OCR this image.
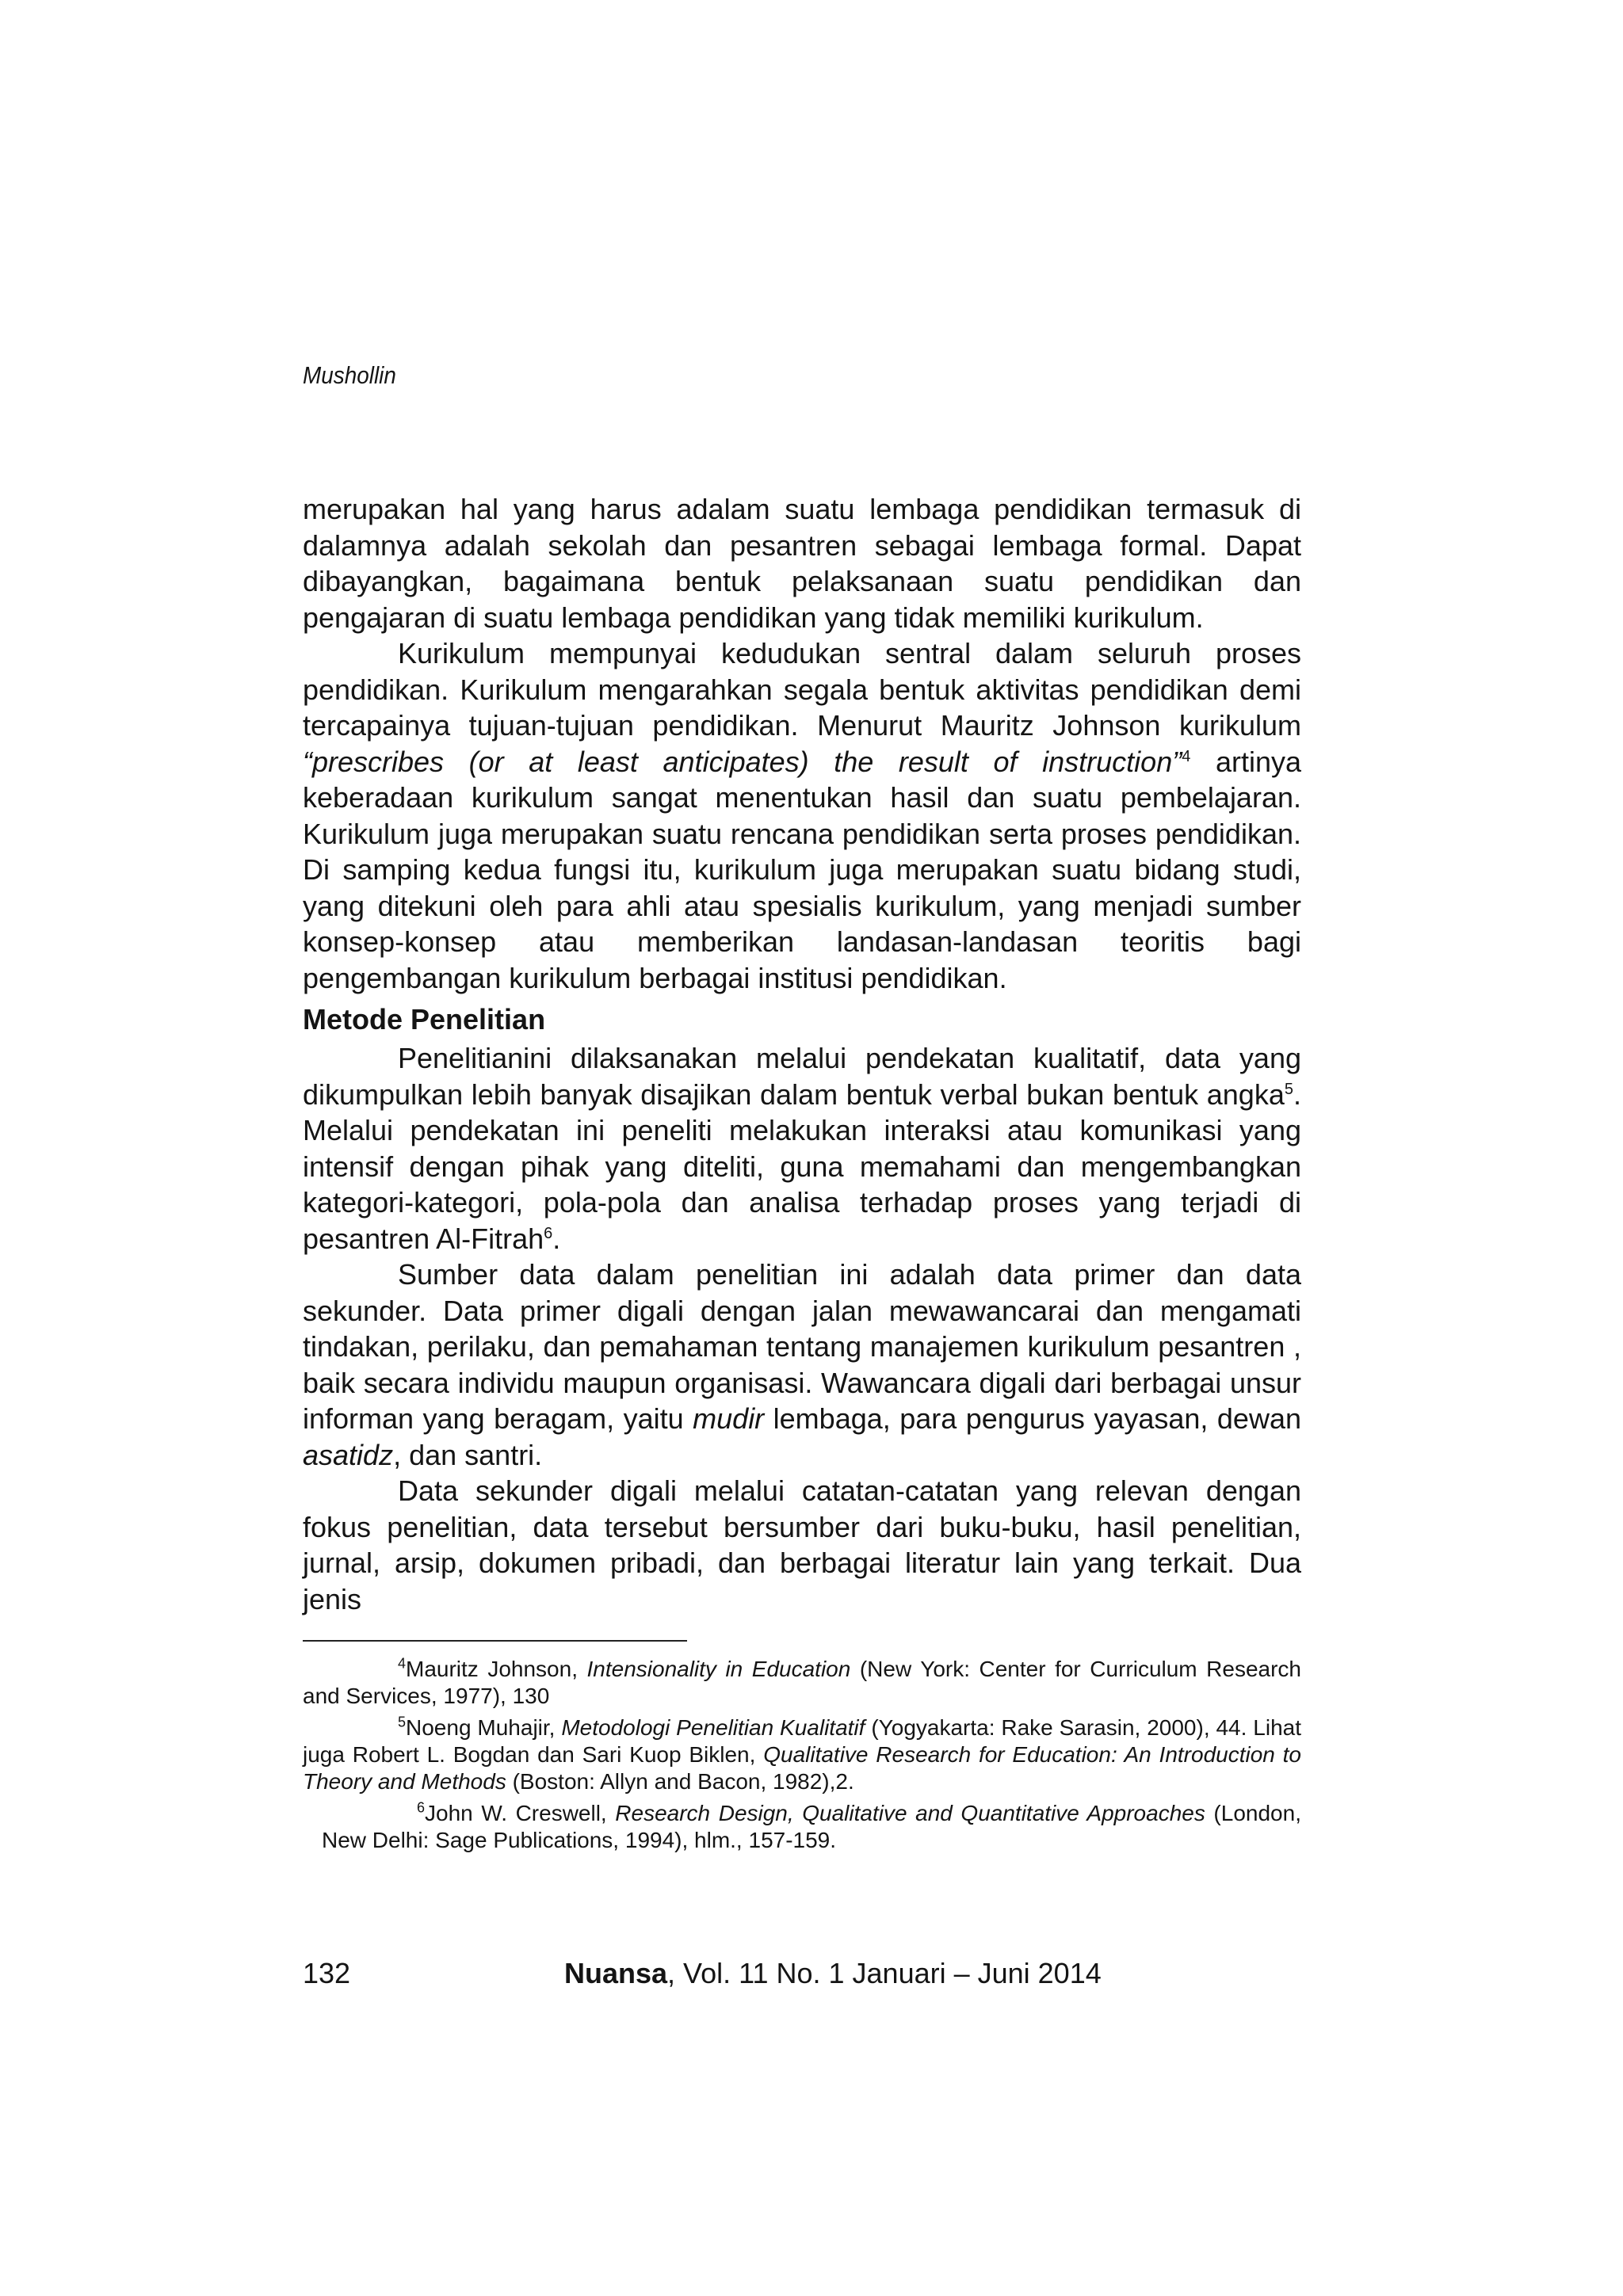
Mushollin

merupakan hal yang harus adalam suatu lembaga pendidikan termasuk di dalamnya adalah sekolah dan pesantren sebagai lembaga formal. Dapat dibayangkan, bagaimana bentuk pelaksanaan suatu pendidikan dan pengajaran di suatu lembaga pendidikan yang tidak memiliki kurikulum.

Kurikulum mempunyai kedudukan sentral dalam seluruh proses pendidikan. Kurikulum mengarahkan segala bentuk aktivitas pendidikan demi tercapainya tujuan-tujuan pendidikan. Menurut Mauritz Johnson kurikulum “prescribes (or at least anticipates) the result of instruction”$^4$ artinya keberadaan kurikulum sangat menentukan hasil dan suatu pembelajaran. Kurikulum juga merupakan suatu rencana pendidikan serta proses pendidikan. Di samping kedua fungsi itu, kurikulum juga merupakan suatu bidang studi, yang ditekuni oleh para ahli atau spesialis kurikulum, yang menjadi sumber konsep-konsep atau memberikan landasan-landasan teoritis bagi pengembangan kurikulum berbagai institusi pendidikan.

Metode Penelitian

Penelitianini dilaksanakan melalui pendekatan kualitatif, data yang dikumpulkan lebih banyak disajikan dalam bentuk verbal bukan bentuk angka$^5$. Melalui pendekatan ini peneliti melakukan interaksi atau komunikasi yang intensif dengan pihak yang diteliti, guna memahami dan mengembangkan kategori-kategori, pola-pola dan analisa terhadap proses yang terjadi di pesantren Al-Fitrah$^6$.

Sumber data dalam penelitian ini adalah data primer dan data sekunder. Data primer digali dengan jalan mewawancarai dan mengamati tindakan, perilaku, dan pemahaman tentang manajemen kurikulum pesantren , baik secara individu maupun organisasi. Wawancara digali dari berbagai unsur informan yang beragam, yaitu mudir lembaga, para pengurus yayasan, dewan asatidz, dan santri.

Data sekunder digali melalui catatan-catatan yang relevan dengan fokus penelitian, data tersebut bersumber dari buku-buku, hasil penelitian, jurnal, arsip, dokumen pribadi, dan berbagai literatur lain yang terkait. Dua jenis

$^4$Mauritz Johnson, Intensionality in Education (New York: Center for Curriculum Research and Services, 1977), 130

$^5$Noeng Muhajir, Metodologi Penelitian Kualitatif (Yogyakarta: Rake Sarasin, 2000), 44. Lihat juga Robert L. Bogdan dan Sari Kuop Biklen, Qualitative Research for Education: An Introduction to Theory and Methods (Boston: Allyn and Bacon, 1982),2.

$^6$John W. Creswell, Research Design, Qualitative and Quantitative Approaches (London, New Delhi: Sage Publications, 1994), hlm., 157-159.

132	Nuansa, Vol. 11 No. 1 Januari – Juni 2014
